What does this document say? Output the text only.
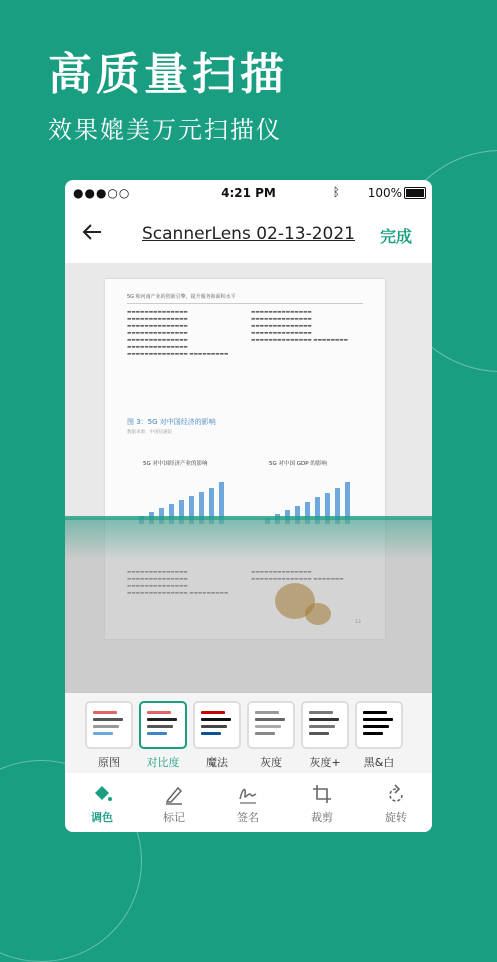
高质量扫描
效果媲美万元扫描仪
●●●○○	4:21 PM	ᛒ 100%
ScannerLens 02-13-2021	完成
5G 和河南产业的创新引擎，提升服务和面积水平
▬▬▬▬▬▬▬▬▬▬▬▬▬▬ ▬▬▬▬▬▬▬▬▬▬▬▬▬▬ ▬▬▬▬▬▬▬▬▬▬▬▬▬▬ ▬▬▬▬▬▬▬▬▬▬▬▬▬▬ ▬▬▬▬▬▬▬▬▬▬▬▬▬▬ ▬▬▬▬▬▬▬▬▬▬▬▬▬▬ ▬▬▬▬▬▬▬▬▬▬▬▬▬▬ ▬▬▬▬▬▬▬▬▬
▬▬▬▬▬▬▬▬▬▬▬▬▬▬ ▬▬▬▬▬▬▬▬▬▬▬▬▬▬ ▬▬▬▬▬▬▬▬▬▬▬▬▬▬ ▬▬▬▬▬▬▬▬▬▬▬▬▬▬ ▬▬▬▬▬▬▬▬▬▬▬▬▬▬ ▬▬▬▬▬▬▬▬
图 3：5G 对中国经济的影响
数据来源：中国信通院
5G 对中国经济产业的影响	5G 对中国 GDP 的影响
原图	对比度	魔法	灰度	灰度+	黑&白
调色	标记	签名	裁剪	旋转
